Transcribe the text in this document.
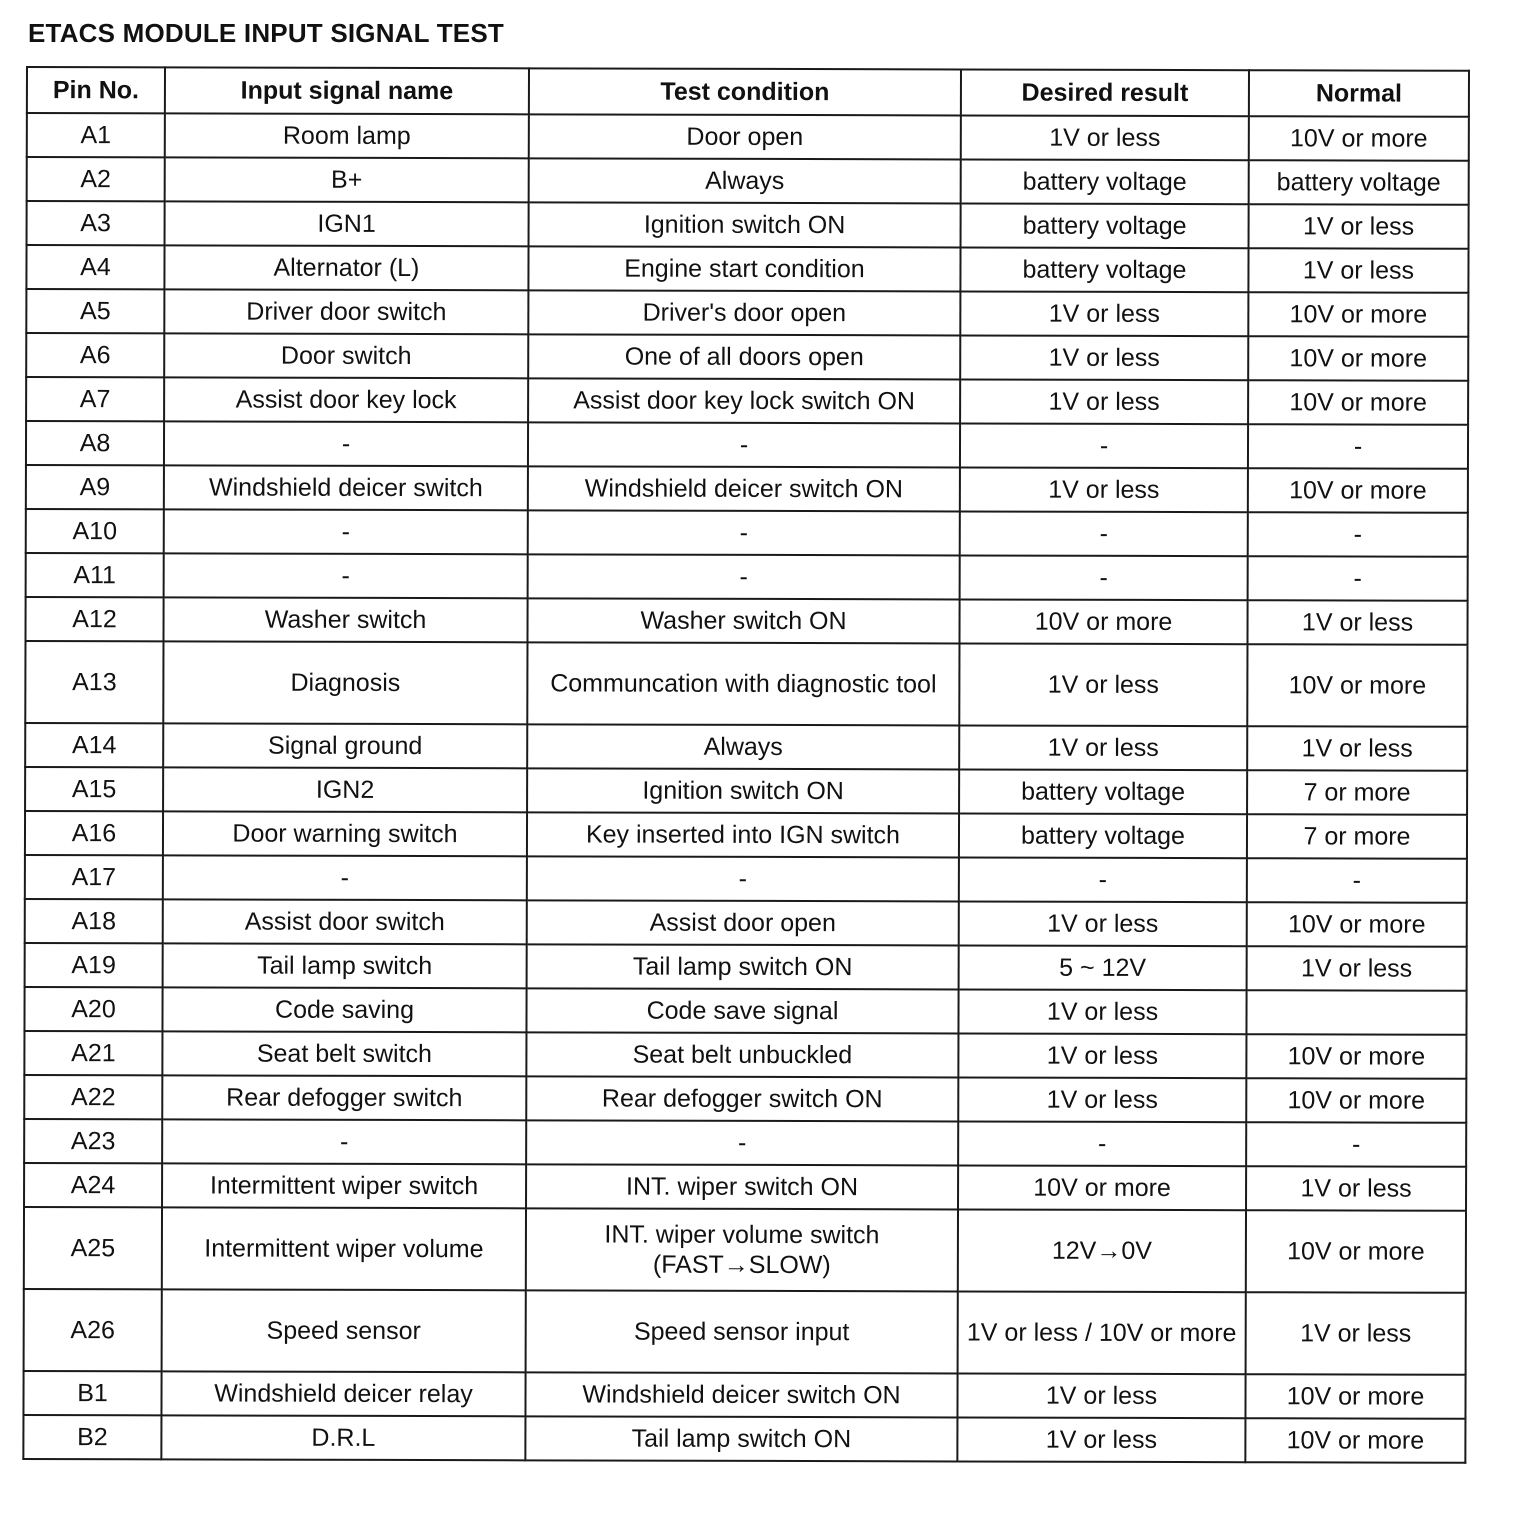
ETACS MODULE INPUT SIGNAL TEST
Pin No.	Input signal name	Test condition	Desired result	Normal
A1	Room lamp	Door open	1V or less	10V or more
A2	B+	Always	battery voltage	battery voltage
A3	IGN1	Ignition switch ON	battery voltage	1V or less
A4	Alternator (L)	Engine start condition	battery voltage	1V or less
A5	Driver door switch	Driver's door open	1V or less	10V or more
A6	Door switch	One of all doors open	1V or less	10V or more
A7	Assist door key lock	Assist door key lock switch ON	1V or less	10V or more
A8	-	-	-	-
A9	Windshield deicer switch	Windshield deicer switch ON	1V or less	10V or more
A10	-	-	-	-
A11	-	-	-	-
A12	Washer switch	Washer switch ON	10V or more	1V or less
A13	Diagnosis	Communcation with diagnostic tool	1V or less	10V or more
A14	Signal ground	Always	1V or less	1V or less
A15	IGN2	Ignition switch ON	battery voltage	7 or more
A16	Door warning switch	Key inserted into IGN switch	battery voltage	7 or more
A17	-	-	-	-
A18	Assist door switch	Assist door open	1V or less	10V or more
A19	Tail lamp switch	Tail lamp switch ON	5 ~ 12V	1V or less
A20	Code saving	Code save signal	1V or less	
A21	Seat belt switch	Seat belt unbuckled	1V or less	10V or more
A22	Rear defogger switch	Rear defogger switch ON	1V or less	10V or more
A23	-	-	-	-
A24	Intermittent wiper switch	INT. wiper switch ON	10V or more	1V or less
A25	Intermittent wiper volume	INT. wiper volume switch (FAST→SLOW)	12V→0V	10V or more
A26	Speed sensor	Speed sensor input	1V or less / 10V or more	1V or less
B1	Windshield deicer relay	Windshield deicer switch ON	1V or less	10V or more
B2	D.R.L	Tail lamp switch ON	1V or less	10V or more
